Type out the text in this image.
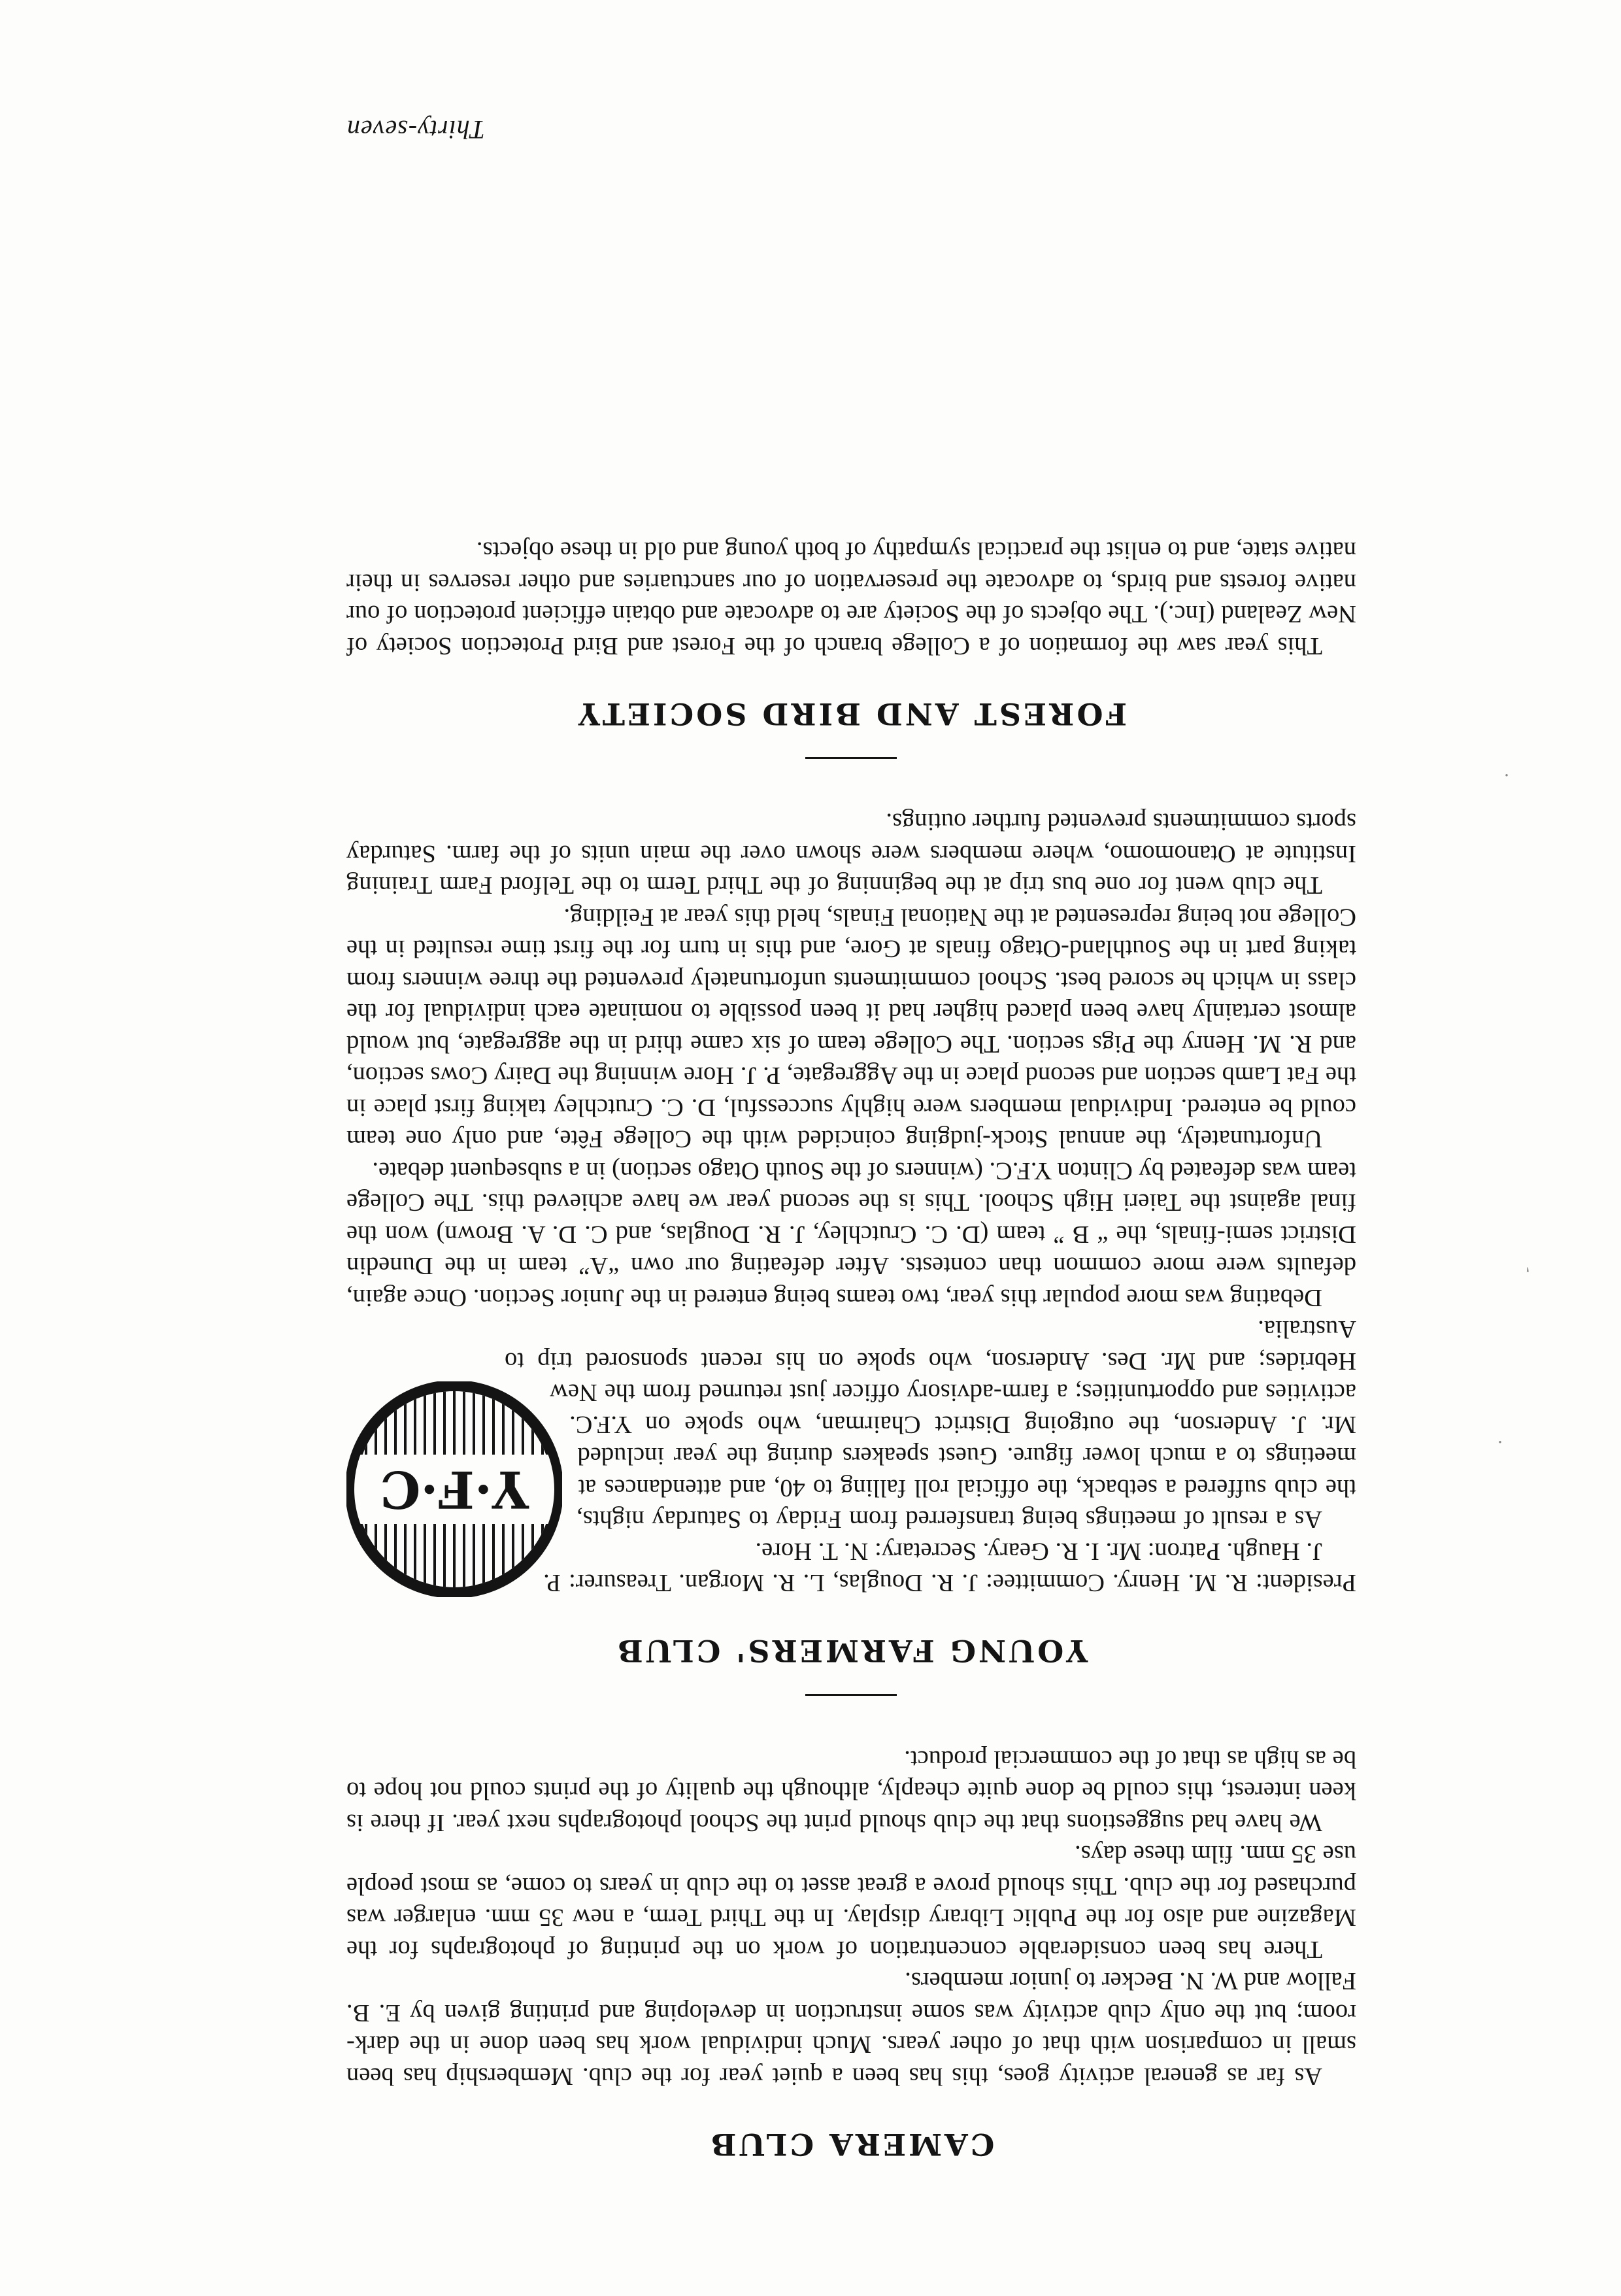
CAMERA CLUB

As far as general activity goes, this has been a quiet year for the club. Membership has been small in comparison with that of other years. Much individual work has been done in the dark-room; but the only club activity was some instruction in developing and printing given by E. B. Fallow and W. N. Becker to junior members.

There has been considerable concentration of work on the printing of photographs for the Magazine and also for the Public Library display. In the Third Term, a new 35 mm. enlarger was purchased for the club. This should prove a great asset to the club in years to come, as most people use 35 mm. film these days.

We have had suggestions that the club should print the School photographs next year. If there is keen interest, this could be done quite cheaply, although the quality of the prints could not hope to be as high as that of the commercial product.

YOUNG FARMERS' CLUB
Y·F·C

President: R. M. Henry. Committee: J. R. Douglas, L. R. Morgan. Treasurer: P. J. Haugh. Patron: Mr. I. R. Geary. Secretary: N. T. Hore.

As a result of meetings being transferred from Friday to Saturday nights, the club suffered a setback, the official roll falling to 40, and attendances at meetings to a much lower figure. Guest speakers during the year included Mr. J. Anderson, the outgoing District Chairman, who spoke on Y.F.C. activities and opportunities; a farm-advisory officer just returned from the New Hebrides; and Mr. Des. Anderson, who spoke on his recent sponsored trip to Australia.

Debating was more popular this year, two teams being entered in the Junior Section. Once again, defaults were more common than contests. After defeating our own “A” team in the Dunedin District semi-finals, the “ B ” team (D. C. Crutchley, J. R. Douglas, and C. D. A. Brown) won the final against the Taieri High School. This is the second year we have achieved this. The College team was defeated by Clinton Y.F.C. (winners of the South Otago section) in a subsequent debate.

Unfortunately, the annual Stock-judging coincided with the College Fête, and only one team could be entered. Individual members were highly successful, D. C. Crutchley taking first place in the Fat Lamb section and second place in the Aggregate, P. J. Hore winning the Dairy Cows section, and R. M. Henry the Pigs section. The College team of six came third in the aggregate, but would almost certainly have been placed higher had it been possible to nominate each individual for the class in which he scored best. School commitments unfortunately prevented the three winners from taking part in the Southland-Otago finals at Gore, and this in turn for the first time resulted in the College not being represented at the National Finals, held this year at Feilding.

The club went for one bus trip at the beginning of the Third Term to the Telford Farm Training Institute at Otanomomo, where members were shown over the main units of the farm. Saturday sports commitments prevented further outings.

FOREST AND BIRD SOCIETY

This year saw the formation of a College branch of the Forest and Bird Protection Society of New Zealand (Inc.). The objects of the Society are to advocate and obtain efficient protection of our native forests and birds, to advocate the preservation of our sanctuaries and other reserves in their native state, and to enlist the practical sympathy of both young and old in these objects.

Thirty-seven
·
'
·
